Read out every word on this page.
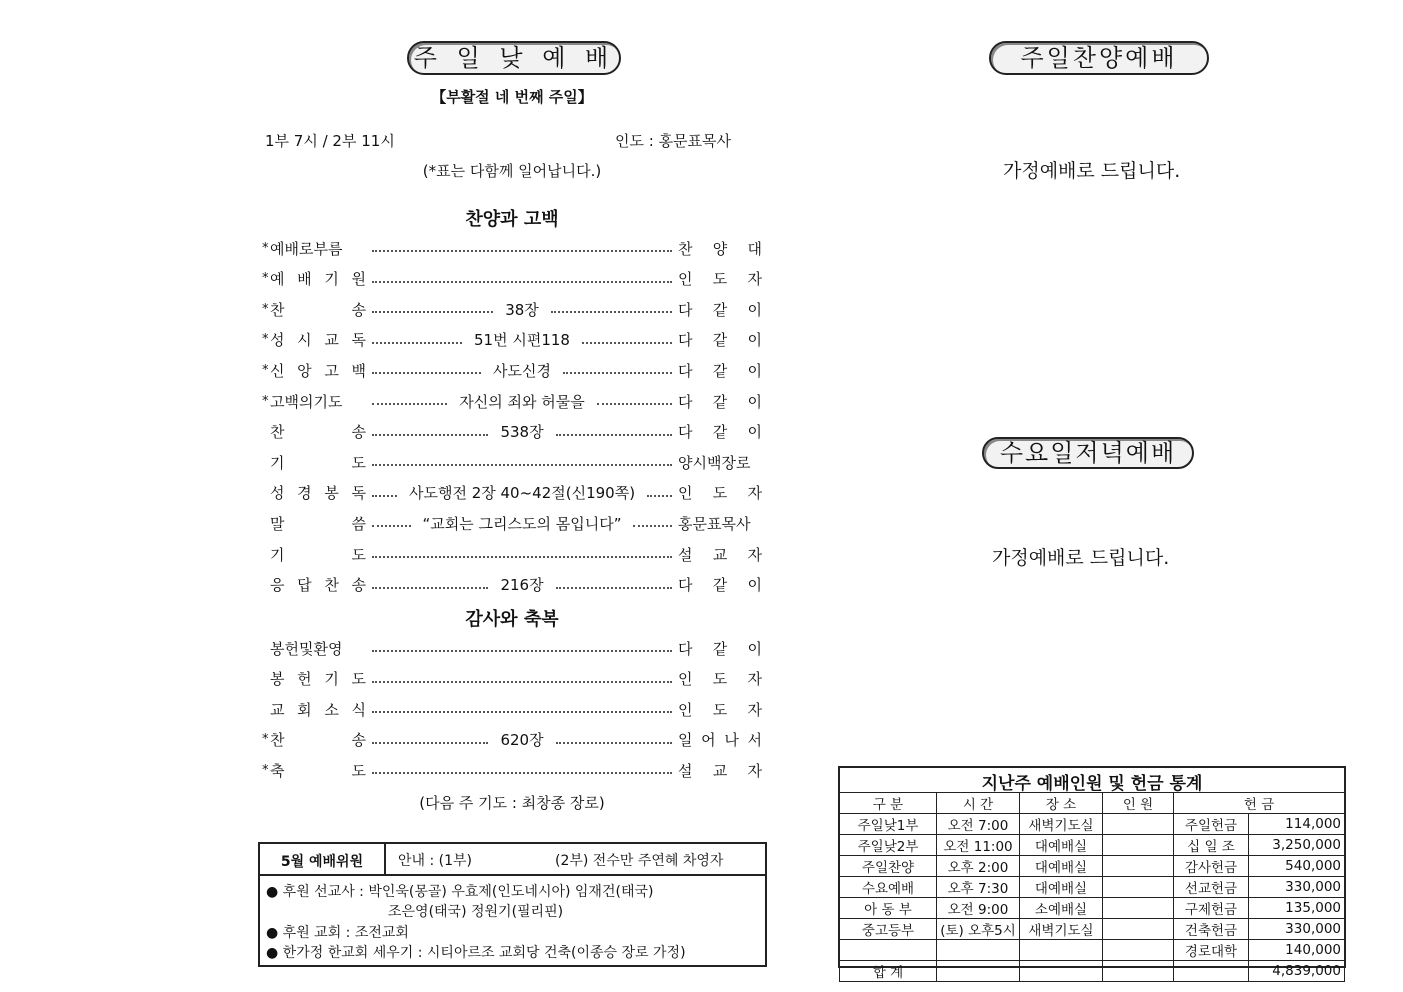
주 일 낮 예 배
【부활절 네 번째 주일】
1부 7시 / 2부 11시	인도 : 홍문표목사
(*표는 다함께 일어납니다.)
찬양과 고백
* 예배로부름	찬 양 대
* 예 배 기 원	인 도 자
* 찬	송	38장	다 같 이
* 성 시 교 독	51번 시편118	다 같 이
* 신 앙 고 백	사도신경	다 같 이
* 고백의기도	자신의 죄와 허물을	다 같 이
찬	송	538장	다 같 이
기	도	양시백장로
성 경 봉 독	사도행전 2장 40~42절(신190쪽)	인 도 자
말	씀	“교회는 그리스도의 몸입니다”	홍문표목사
기	도	설 교 자
응 답 찬 송	216장	다 같 이
감사와 축복
봉헌및환영	다 같 이
봉 헌 기 도	인 도 자
교 회 소 식	인 도 자
* 찬	송	620장	일 어 나 서
* 축	도	설 교 자
(다음 주 기도 : 최창종 장로)
5월 예배위원	안내 : (1부)	(2부) 전수만 주연혜 차영자
● 후원 선교사 : 박인욱(몽골) 우효제(인도네시아) 임재건(태국)
조은영(태국) 정원기(필리핀)
● 후원 교회 : 조전교회
● 한가정 한교회 세우기 : 시티아르조 교회당 건축(이종승 장로 가정)
주일찬양예배
가정예배로 드립니다.
수요일저녁예배
가정예배로 드립니다.
지난주 예배인원 및 헌금 통계
구 분	시 간	장 소	인 원	헌 금	
주일낮1부	오전 7:00	새벽기도실		주일헌금	114,000
주일낮2부	오전 11:00	대예배실		십 일 조	3,250,000
주일찬양	오후 2:00	대예배실		감사헌금	540,000
수요예배	오후 7:30	대예배실		선교헌금	330,000
아 동 부	오전 9:00	소예배실		구제헌금	135,000
중고등부	(토) 오후5시	새벽기도실		건축헌금	330,000
				경로대학	140,000
합 계					4,839,000
